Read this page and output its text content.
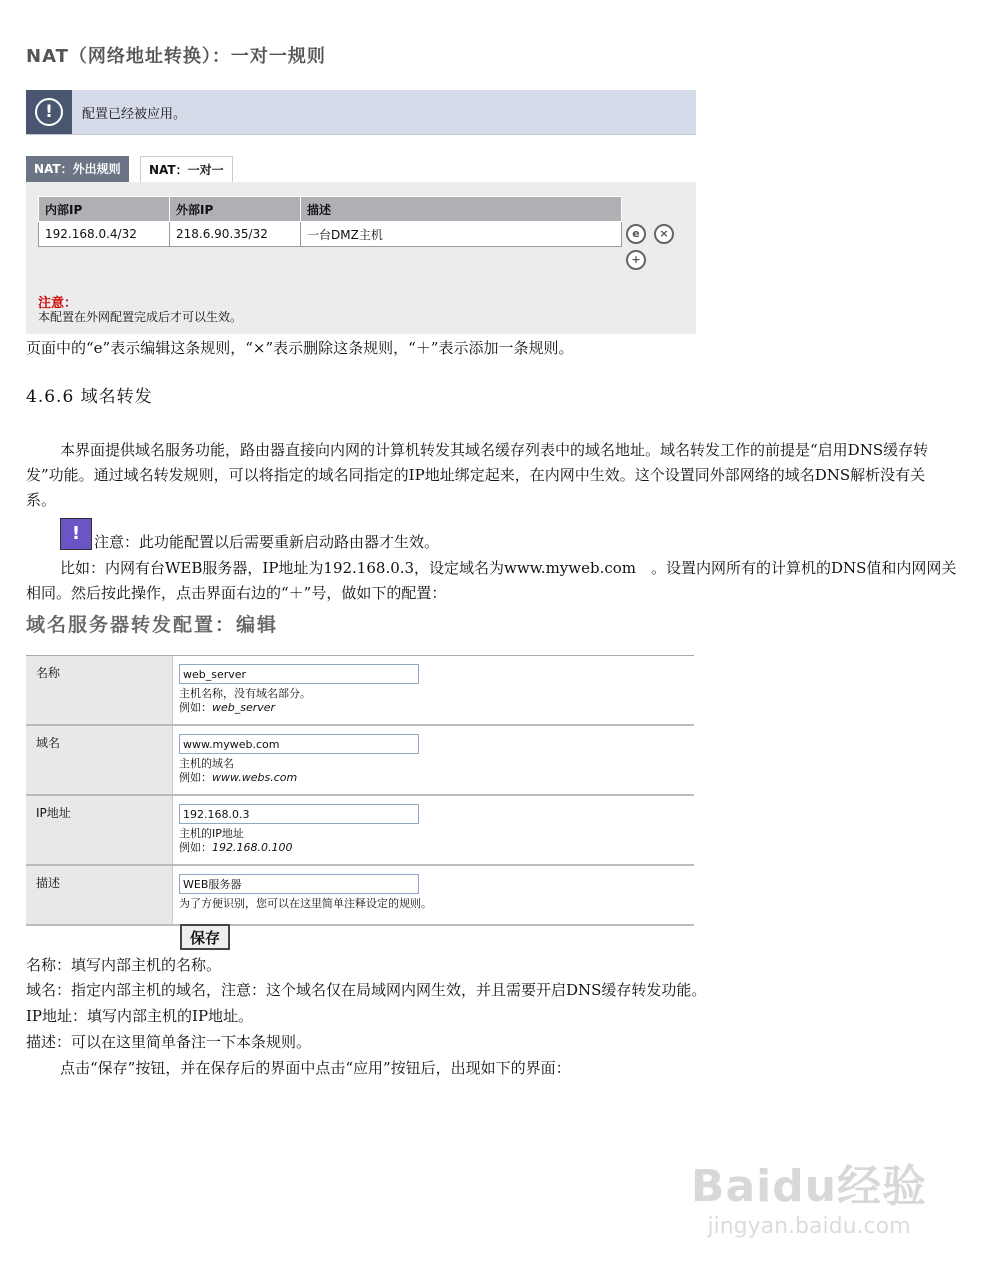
NAT（网络地址转换）：一对一规则
!	配置已经被应用。
NAT：外出规则	NAT：一对一
内部IP	外部IP	描述
192.168.0.4/32	218.6.90.35/32	一台DMZ主机	e	×
+
注意：
本配置在外网配置完成后才可以生效。
页面中的“e”表示编辑这条规则，“×”表示删除这条规则，“＋”表示添加一条规则。
4.6.6 域名转发
本界面提供域名服务功能，路由器直接向内网的计算机转发其域名缓存列表中的域名地址。域名转发工作的前提是“启用DNS缓存转发”功能。通过域名转发规则，可以将指定的域名同指定的IP地址绑定起来，在内网中生效。这个设置同外部网络的域名DNS解析没有关系。
! 注意：此功能配置以后需要重新启动路由器才生效。
比如：内网有台WEB服务器，IP地址为192.168.0.3，设定域名为www.myweb.com　。设置内网所有的计算机的DNS值和内网网关相同。然后按此操作，点击界面右边的“＋”号，做如下的配置：
域名服务器转发配置：编辑
名称	web_server
主机名称，没有域名部分。
例如：web_server
域名	www.myweb.com
主机的域名
例如：www.webs.com
IP地址	192.168.0.3
主机的IP地址
例如：192.168.0.100
描述	WEB服务器
为了方便识别，您可以在这里简单注释设定的规则。
保存
名称：填写内部主机的名称。
域名：指定内部主机的域名，注意：这个域名仅在局域网内网生效，并且需要开启DNS缓存转发功能。
IP地址：填写内部主机的IP地址。
描述：可以在这里简单备注一下本条规则。
点击“保存”按钮，并在保存后的界面中点击“应用”按钮后，出现如下的界面：
Baidu经验
jingyan.baidu.com
